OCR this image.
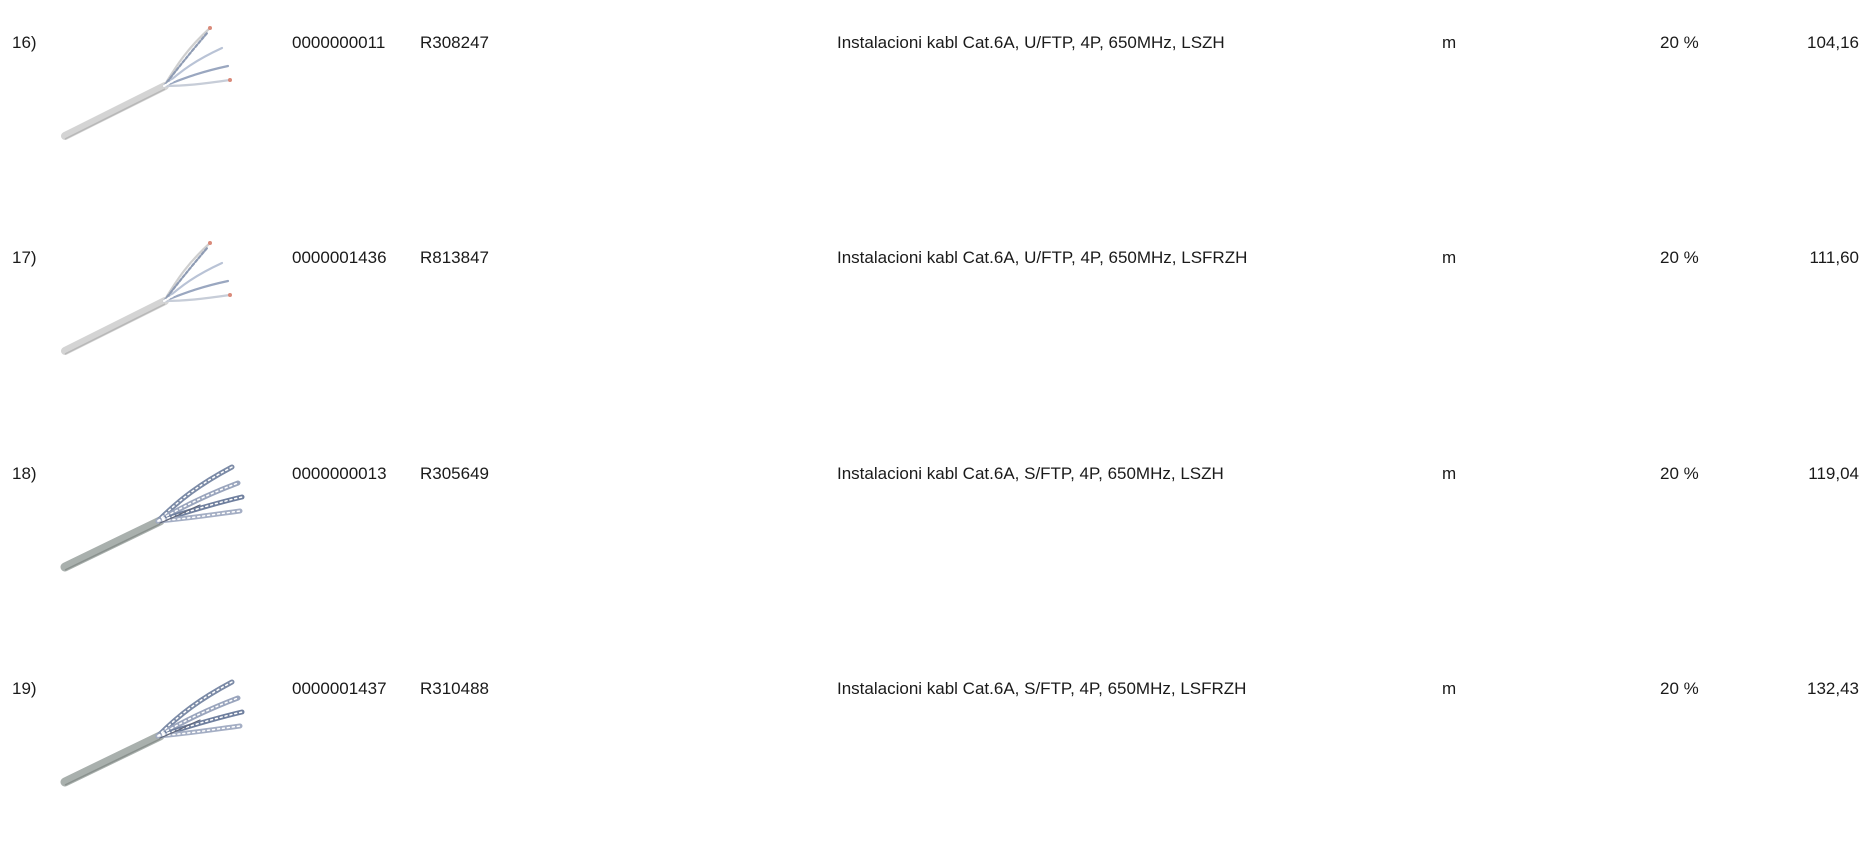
16)	0000000011 R308247	Instalacioni kabl Cat.6A, U/FTP, 4P, 650MHz, LSZH	m	20 %	104,16
17)	0000001436 R813847	Instalacioni kabl Cat.6A, U/FTP, 4P, 650MHz, LSFRZH	m	20 %	111,60
18)	0000000013 R305649	Instalacioni kabl Cat.6A, S/FTP, 4P, 650MHz, LSZH	m	20 %	119,04
19)	0000001437 R310488	Instalacioni kabl Cat.6A, S/FTP, 4P, 650MHz, LSFRZH	m	20 %	132,43
